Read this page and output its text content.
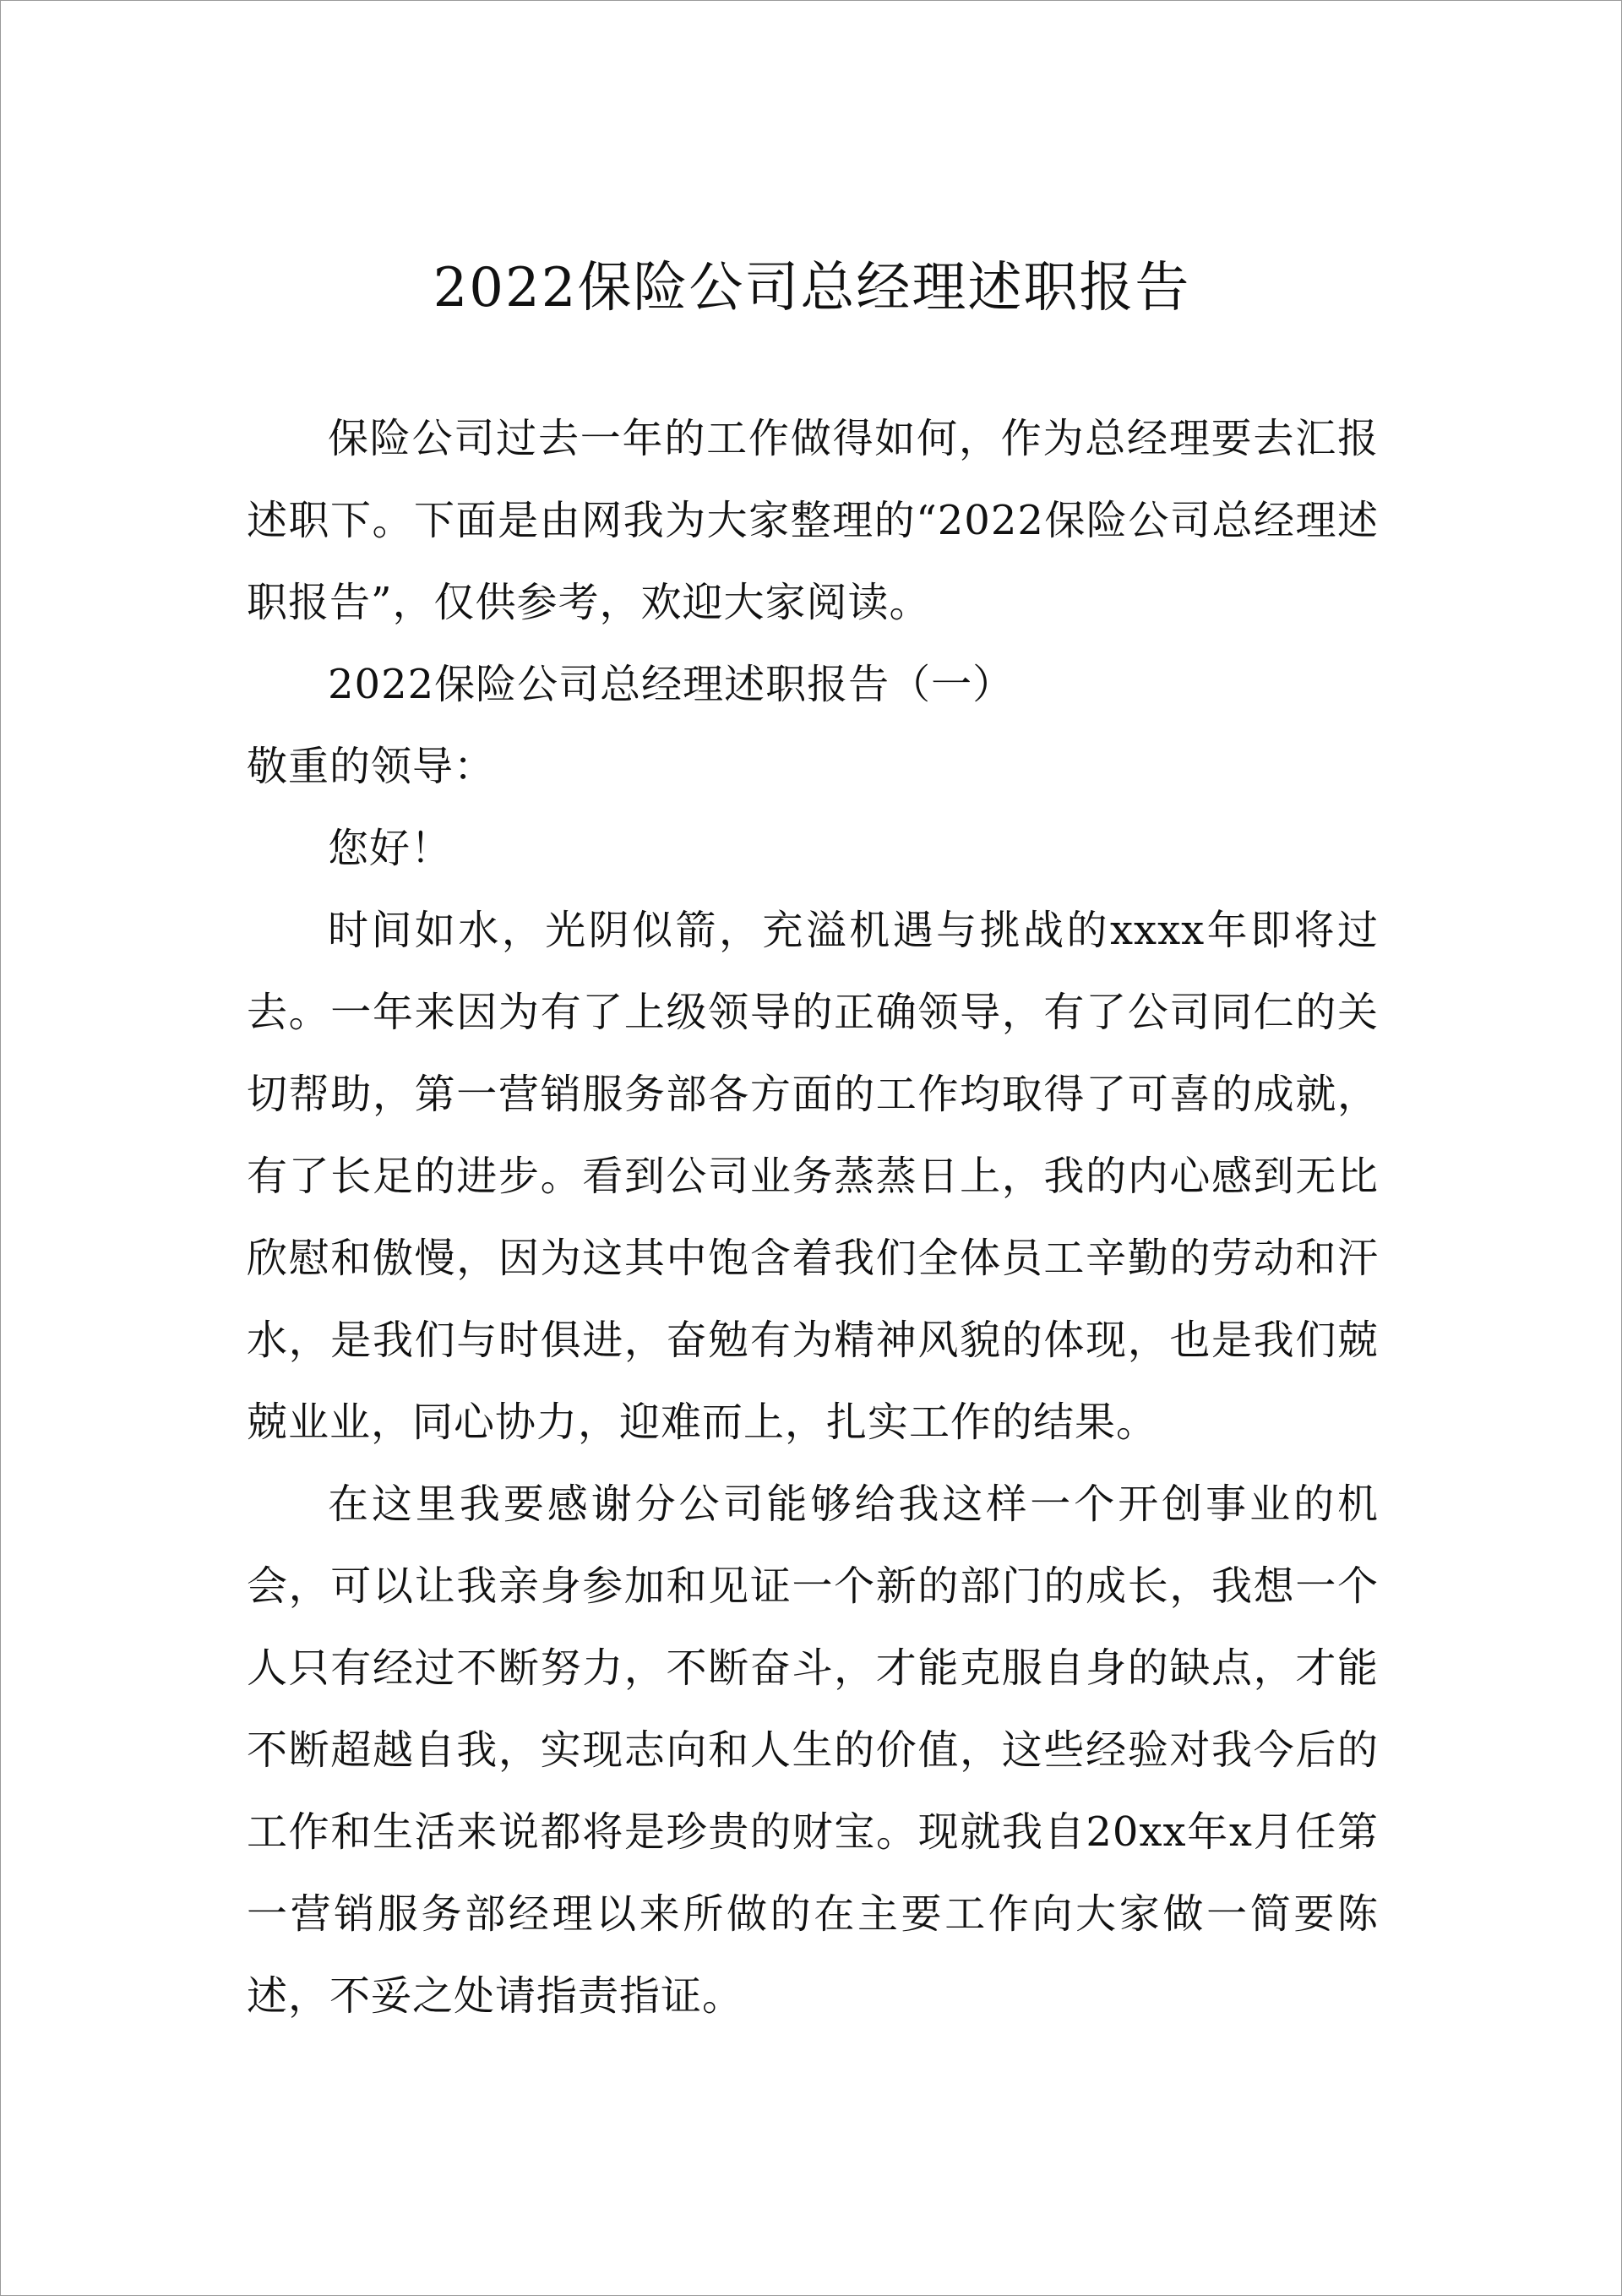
2022保险公司总经理述职报告

保险公司过去一年的工作做得如何，作为总经理要去汇报述职下。下面是由网我为大家整理的“2022保险公司总经理述职报告”，仅供参考，欢迎大家阅读。

2022保险公司总经理述职报告（一）

敬重的领导：

您好！

时间如水，光阴似箭，充溢机遇与挑战的xxxx年即将过去。一年来因为有了上级领导的正确领导，有了公司同仁的关切帮助，第一营销服务部各方面的工作均取得了可喜的成就，有了长足的进步。看到公司业务蒸蒸日上，我的内心感到无比欣慰和傲慢，因为这其中饱含着我们全体员工辛勤的劳动和汗水，是我们与时俱进，奋勉有为精神风貌的体现，也是我们兢兢业业，同心协力，迎难而上，扎实工作的结果。

在这里我要感谢分公司能够给我这样一个开创事业的机会，可以让我亲身参加和见证一个新的部门的成长，我想一个人只有经过不断努力，不断奋斗，才能克服自身的缺点，才能不断超越自我，实现志向和人生的价值，这些经验对我今后的工作和生活来说都将是珍贵的财宝。现就我自20xx年x月任第一营销服务部经理以来所做的在主要工作向大家做一简要陈述，不妥之处请指责指证。
